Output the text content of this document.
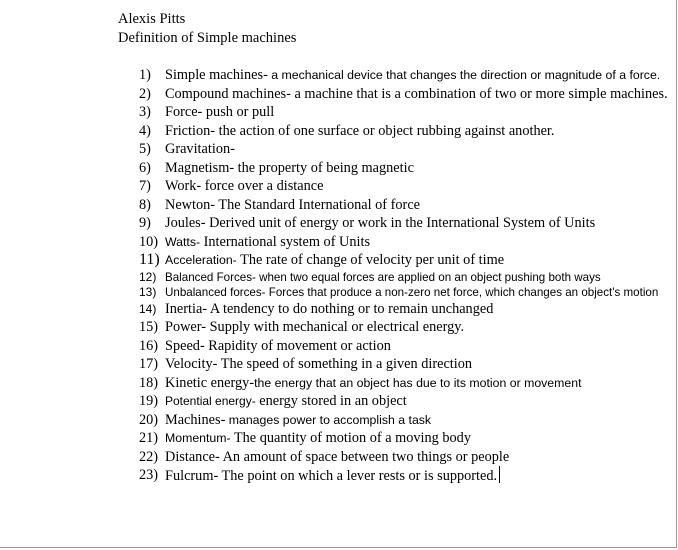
Alexis Pitts
Definition of Simple machines
1) Simple machines- a mechanical device that changes the direction or magnitude of a force.
2) Compound machines- a machine that is a combination of two or more simple machines.
3) Force- push or pull
4) Friction- the action of one surface or object rubbing against another.
5) Gravitation-
6) Magnetism- the property of being magnetic
7) Work- force over a distance
8) Newton- The Standard International of force
9) Joules- Derived unit of energy or work in the International System of Units
10) Watts- International system of Units
11) Acceleration- The rate of change of velocity per unit of time
12) Balanced Forces- when two equal forces are applied on an object pushing both ways
13) Unbalanced forces- Forces that produce a non-zero net force, which changes an object's motion
14) Inertia- A tendency to do nothing or to remain unchanged
15) Power- Supply with mechanical or electrical energy.
16) Speed- Rapidity of movement or action
17) Velocity- The speed of something in a given direction
18) Kinetic energy-the energy that an object has due to its motion or movement
19) Potential energy- energy stored in an object
20) Machines- manages power to accomplish a task
21) Momentum- The quantity of motion of a moving body
22) Distance- An amount of space between two things or people
23) Fulcrum- The point on which a lever rests or is supported.
